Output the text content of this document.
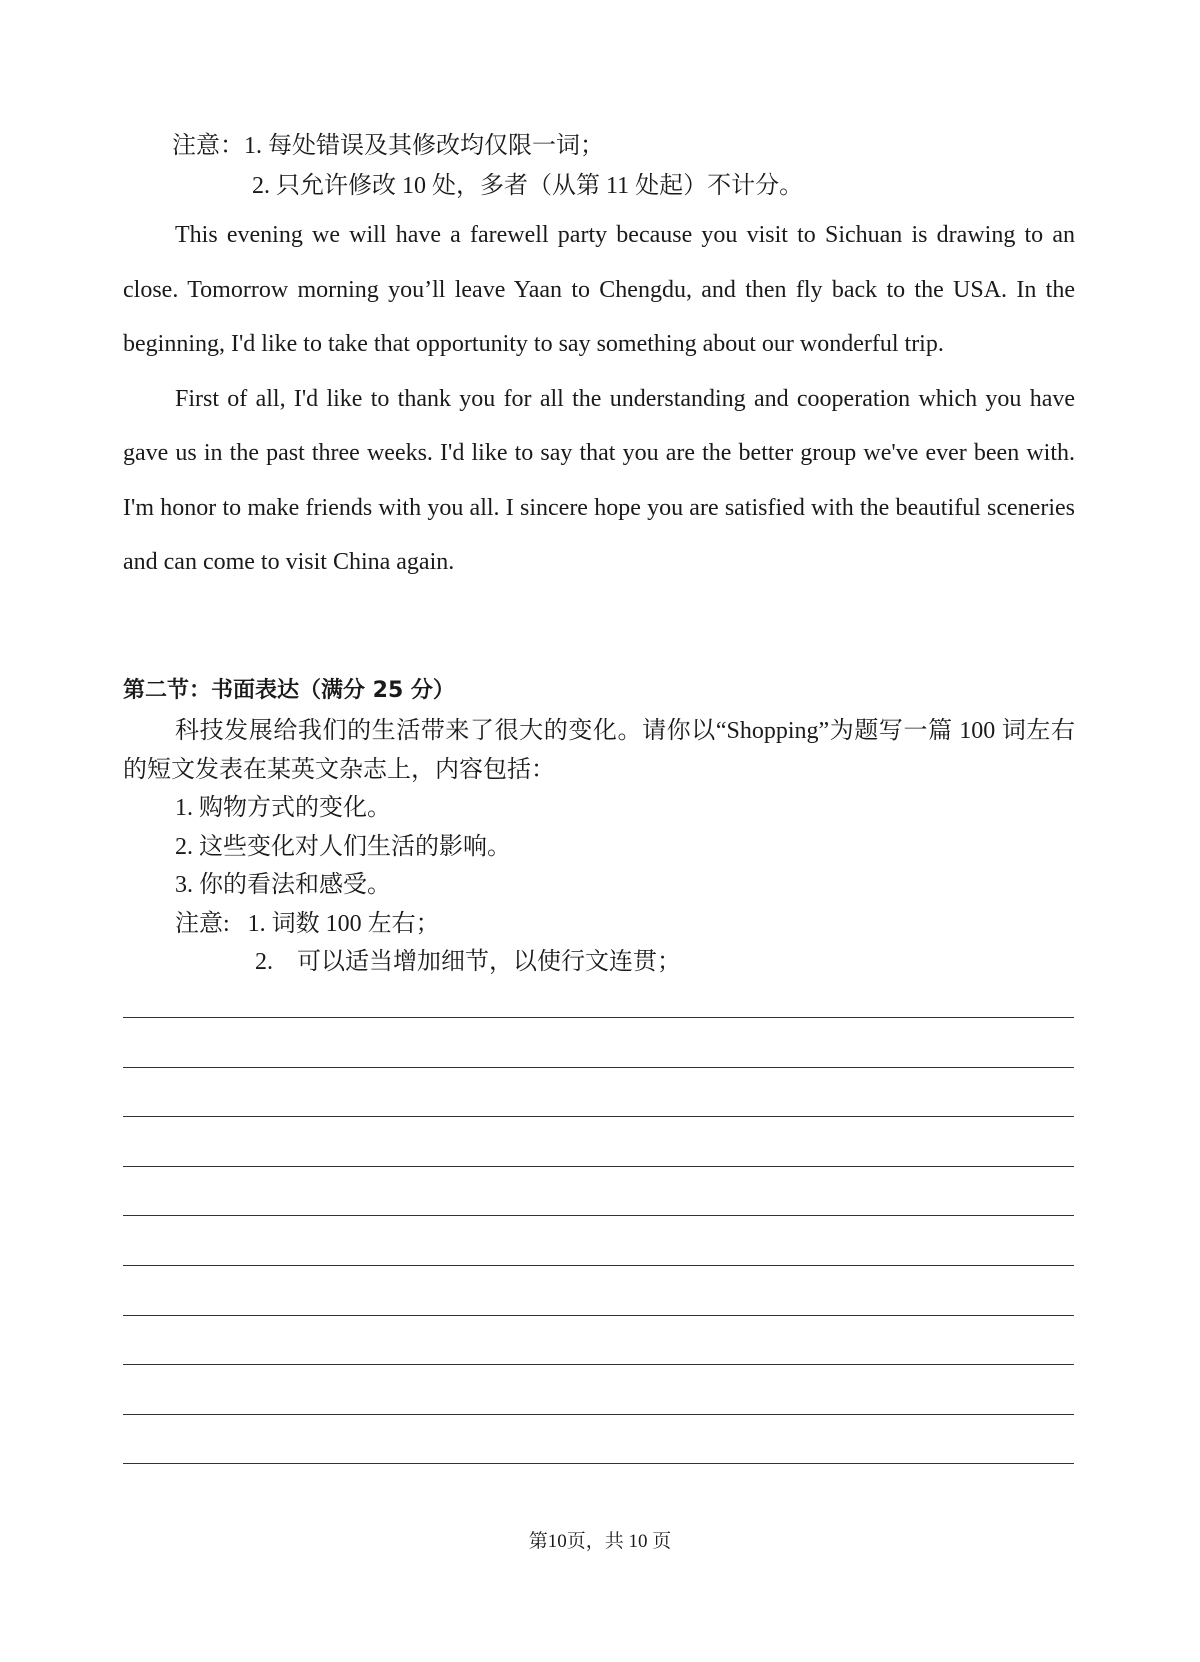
注意：1. 每处错误及其修改均仅限一词；
2. 只允许修改 10 处，多者（从第 11 处起）不计分。

This evening we will have a farewell party because you visit to Sichuan is drawing to an close. Tomorrow morning you’ll leave Yaan to Chengdu, and then fly back to the USA. In the beginning, I'd like to take that opportunity to say something about our wonderful trip.

First of all, I'd like to thank you for all the understanding and cooperation which you have gave us in the past three weeks. I'd like to say that you are the better group we've ever been with. I'm honor to make friends with you all. I sincere hope you are satisfied with the beautiful sceneries and can come to visit China again.

第二节：书面表达（满分 25 分）

科技发展给我们的生活带来了很大的变化。请你以“Shopping”为题写一篇 100 词左右的短文发表在某英文杂志上，内容包括：

1. 购物方式的变化。

2. 这些变化对人们生活的影响。

3. 你的看法和感受。

注意:   1. 词数 100 左右；

2.    可以适当增加细节，以使行文连贯；

第10页，共 10 页
